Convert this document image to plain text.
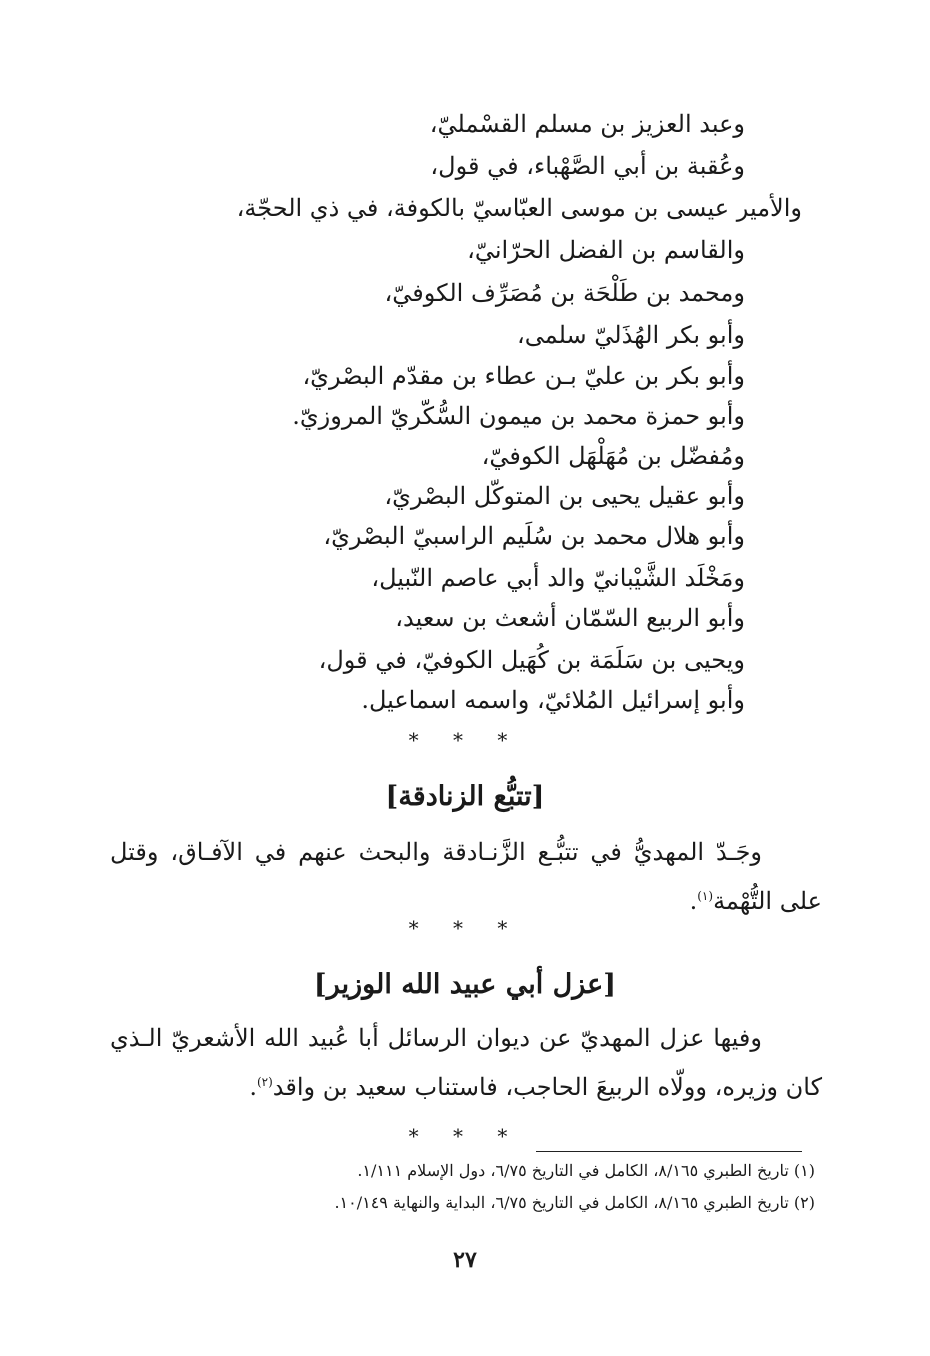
وعبد العزيز بن مسلم القسْمليّ،
وعُقبة بن أبي الصَّهْباء، في قول،
والأمير عيسى بن موسى العبّاسيّ بالكوفة، في ذي الحجّة،
والقاسم بن الفضل الحرّانيّ،
ومحمد بن طَلْحَة بن مُصَرِّف الكوفيّ،
وأبو بكر الهُذَليّ سلمى،
وأبو بكر بن عليّ بـن عطاء بن مقدّم البصْريّ،
وأبو حمزة محمد بن ميمون السُّكّريّ المروزيّ.
ومُفضّل بن مُهَلْهَل الكوفيّ،
وأبو عقيل يحيى بن المتوكّل البصْريّ،
وأبو هلال محمد بن سُلَيم الراسبيّ البصْريّ،
ومَخْلَد الشَّيْبانيّ والد أبي عاصم النّبيل،
وأبو الربيع السّمّان أشعث بن سعيد،
ويحيى بن سَلَمَة بن كُهَيل الكوفيّ، في قول،
وأبو إسرائيل المُلائيّ، واسمه اسماعيل.
* * *
[تتبُّع الزنادقة]
وجَـدّ المهديُّ في تتبُّـع الزَّنـادقة والبحث عنهم في الآفـاق، وقتل على التُّهْمة$^{(١)}$.
* * *
[عزل أبي عبيد الله الوزير]
وفيها عزل المهديّ عن ديوان الرسائل أبا عُبيد الله الأشعريّ الـذي كان وزيره، وولّاه الربيعَ الحاجب، فاستناب سعيد بن واقد$^{(٢)}$.
* * *
(١) تاريخ الطبري ٨/١٦٥، الكامل في التاريخ ٦/٧٥، دول الإسلام ١/١١١.
(٢) تاريخ الطبري ٨/١٦٥، الكامل في التاريخ ٦/٧٥، البداية والنهاية ١٠/١٤٩.
٢٧
